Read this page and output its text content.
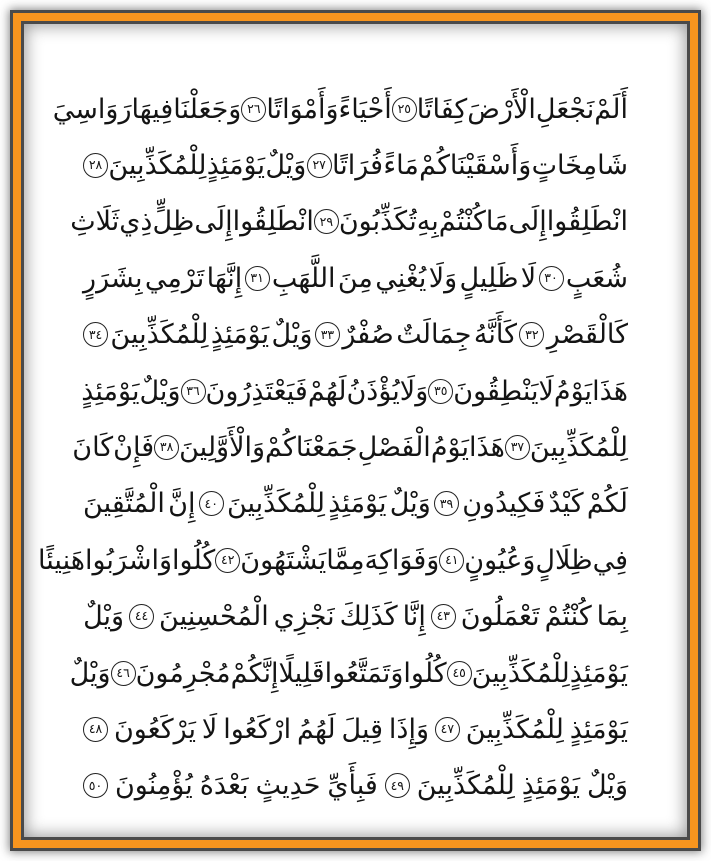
أَلَمْ
نَجْعَلِ
الْأَرْضَ
كِفَاتًا
٢٥
أَحْيَاءً
وَأَمْوَاتًا
٢٦
وَجَعَلْنَا
فِيهَا
رَوَاسِيَ
شَامِخَاتٍ
وَأَسْقَيْنَاكُمْ
مَاءً
فُرَاتًا
٢٧
وَيْلٌ
يَوْمَئِذٍ
لِلْمُكَذِّبِينَ
٢٨
انْطَلِقُوا
إِلَى
مَا
كُنْتُمْ
بِهِ
تُكَذِّبُونَ
٢٩
انْطَلِقُوا
إِلَى
ظِلٍّ
ذِي
ثَلَاثِ
شُعَبٍ
٣٠
لَا
ظَلِيلٍ
وَلَا
يُغْنِي
مِنَ
اللَّهَبِ
٣١
إِنَّهَا
تَرْمِي
بِشَرَرٍ
كَالْقَصْرِ
٣٢
كَأَنَّهُ
جِمَالَتٌ
صُفْرٌ
٣٣
وَيْلٌ
يَوْمَئِذٍ
لِلْمُكَذِّبِينَ
٣٤
هَذَا
يَوْمُ
لَا
يَنْطِقُونَ
٣٥
وَلَا
يُؤْذَنُ
لَهُمْ
فَيَعْتَذِرُونَ
٣٦
وَيْلٌ
يَوْمَئِذٍ
لِلْمُكَذِّبِينَ
٣٧
هَذَا
يَوْمُ
الْفَصْلِ
جَمَعْنَاكُمْ
وَالْأَوَّلِينَ
٣٨
فَإِنْ
كَانَ
لَكُمْ
كَيْدٌ
فَكِيدُونِ
٣٩
وَيْلٌ
يَوْمَئِذٍ
لِلْمُكَذِّبِينَ
٤٠
إِنَّ
الْمُتَّقِينَ
فِي
ظِلَالٍ
وَعُيُونٍ
٤١
وَفَوَاكِهَ
مِمَّا
يَشْتَهُونَ
٤٢
كُلُوا
وَاشْرَبُوا
هَنِيئًا
بِمَا
كُنْتُمْ
تَعْمَلُونَ
٤٣
إِنَّا
كَذَلِكَ
نَجْزِي
الْمُحْسِنِينَ
٤٤
وَيْلٌ
يَوْمَئِذٍ
لِلْمُكَذِّبِينَ
٤٥
كُلُوا
وَتَمَتَّعُوا
قَلِيلًا
إِنَّكُمْ
مُجْرِمُونَ
٤٦
وَيْلٌ
يَوْمَئِذٍ
لِلْمُكَذِّبِينَ
٤٧
وَإِذَا
قِيلَ
لَهُمُ
ارْكَعُوا
لَا
يَرْكَعُونَ
٤٨
وَيْلٌ
يَوْمَئِذٍ
لِلْمُكَذِّبِينَ
٤٩
فَبِأَيِّ
حَدِيثٍ
بَعْدَهُ
يُؤْمِنُونَ
٥٠
